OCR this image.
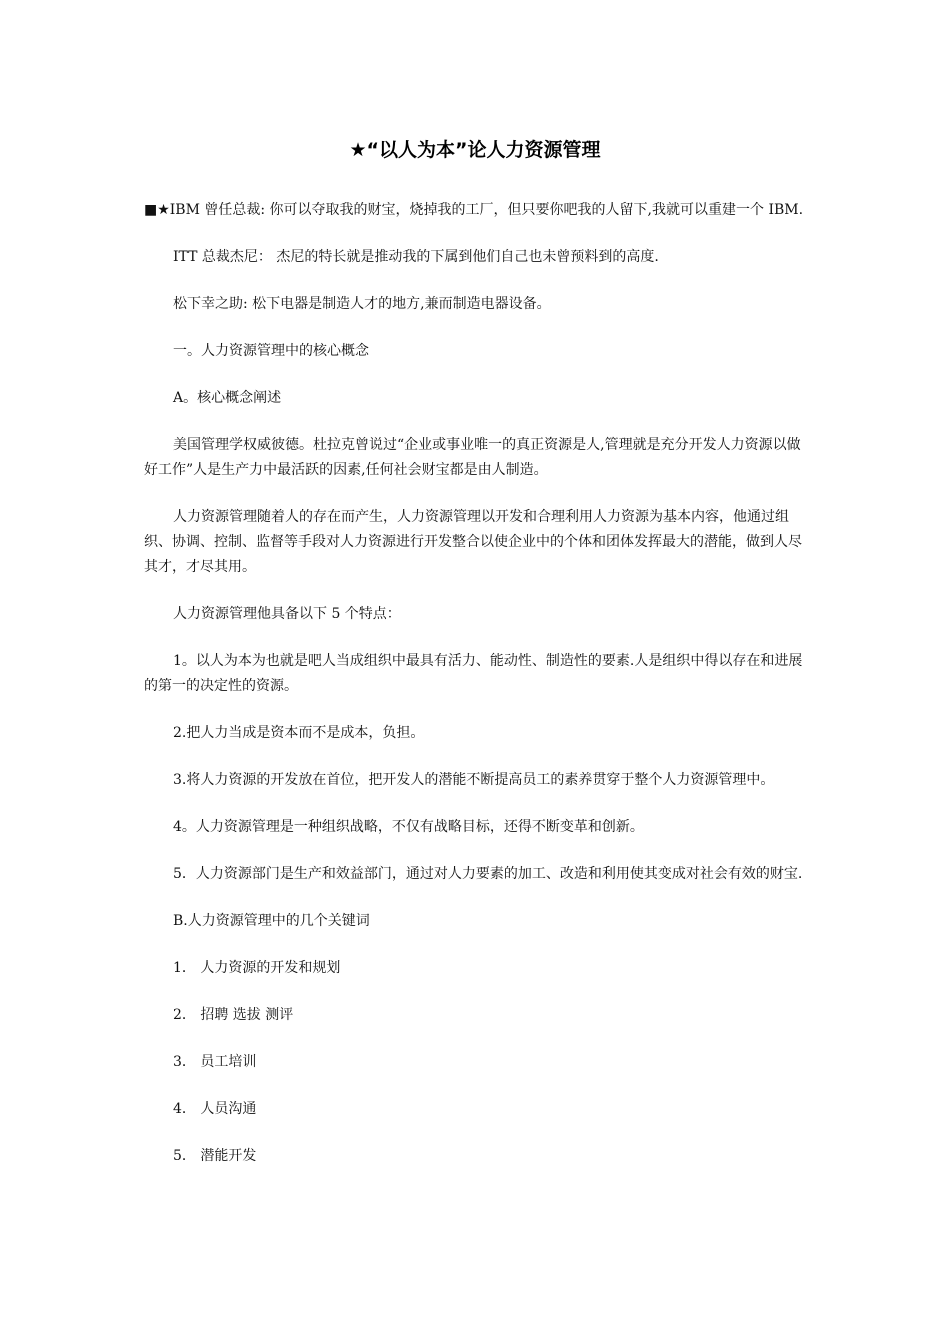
★“以人为本”论人力资源管理

■★IBM 曾任总裁: 你可以夺取我的财宝，烧掉我的工厂，但只要你吧我的人留下,我就可以重建一个 IBM.

ITT 总裁杰尼： 杰尼的特长就是推动我的下属到他们自己也未曾预料到的高度.

松下幸之助: 松下电器是制造人才的地方,兼而制造电器设备。

一。人力资源管理中的核心概念

A。核心概念阐述

美国管理学权威彼德。杜拉克曾说过“企业或事业唯一的真正资源是人,管理就是充分开发人力资源以做好工作”人是生产力中最活跃的因素,任何社会财宝都是由人制造。

人力资源管理随着人的存在而产生，人力资源管理以开发和合理利用人力资源为基本内容，他通过组织、协调、控制、监督等手段对人力资源进行开发整合以使企业中的个体和团体发挥最大的潜能，做到人尽其才，才尽其用。

人力资源管理他具备以下 5 个特点：

1。以人为本为也就是吧人当成组织中最具有活力、能动性、制造性的要素.人是组织中得以存在和进展的第一的决定性的资源。

2.把人力当成是资本而不是成本，负担。

3.将人力资源的开发放在首位，把开发人的潜能不断提高员工的素养贯穿于整个人力资源管理中。

4。人力资源管理是一种组织战略，不仅有战略目标，还得不断变革和创新。

5．人力资源部门是生产和效益部门，通过对人力要素的加工、改造和利用使其变成对社会有效的财宝.

B.人力资源管理中的几个关键词

1． 人力资源的开发和规划

2． 招聘 选拔 测评

3． 员工培训

4． 人员沟通

5． 潜能开发
